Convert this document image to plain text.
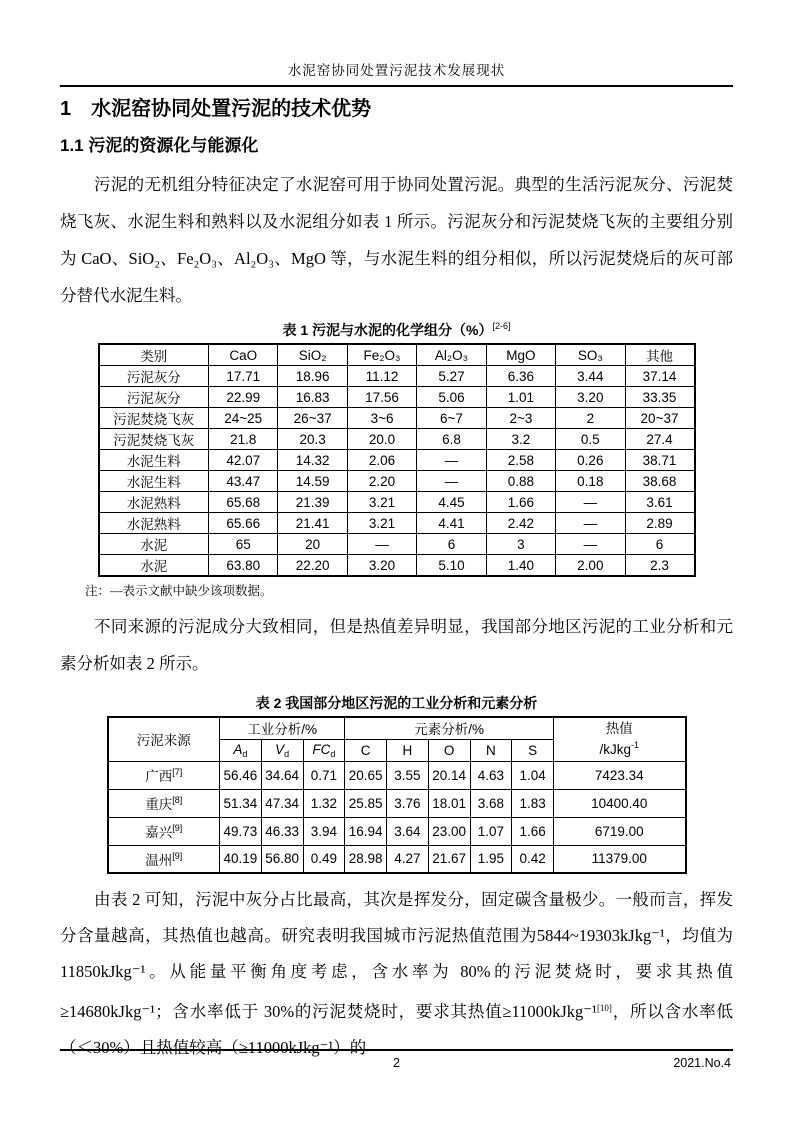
水泥窑协同处置污泥技术发展现状
1　水泥窑协同处置污泥的技术优势
1.1 污泥的资源化与能源化
污泥的无机组分特征决定了水泥窑可用于协同处置污泥。典型的生活污泥灰分、污泥焚烧飞灰、水泥生料和熟料以及水泥组分如表 1 所示。污泥灰分和污泥焚烧飞灰的主要组分别为 CaO、SiO₂、Fe₂O₃、Al₂O₃、MgO 等，与水泥生料的组分相似，所以污泥焚烧后的灰可部分替代水泥生料。
表 1 污泥与水泥的化学组分（%）[2-6]
类别	CaO	SiO₂	Fe₂O₃	Al₂O₃	MgO	SO₃	其他
污泥灰分	17.71	18.96	11.12	5.27	6.36	3.44	37.14
污泥灰分	22.99	16.83	17.56	5.06	1.01	3.20	33.35
污泥焚烧飞灰	24~25	26~37	3~6	6~7	2~3	2	20~37
污泥焚烧飞灰	21.8	20.3	20.0	6.8	3.2	0.5	27.4
水泥生料	42.07	14.32	2.06	—	2.58	0.26	38.71
水泥生料	43.47	14.59	2.20	—	0.88	0.18	38.68
水泥熟料	65.68	21.39	3.21	4.45	1.66	—	3.61
水泥熟料	65.66	21.41	3.21	4.41	2.42	—	2.89
水泥	65	20	—	6	3	—	6
水泥	63.80	22.20	3.20	5.10	1.40	2.00	2.3
注：—表示文献中缺少该项数据。
不同来源的污泥成分大致相同，但是热值差异明显，我国部分地区污泥的工业分析和元素分析如表 2 所示。
表 2 我国部分地区污泥的工业分析和元素分析
污泥来源	工业分析/%			元素分析/%					热值
/kJkg$^{-1}$
	$A_d$	$V_d$	$FC_d$	C	H	O	N	S	
广西[7]	56.46	34.64	0.71	20.65	3.55	20.14	4.63	1.04	7423.34
重庆[8]	51.34	47.34	1.32	25.85	3.76	18.01	3.68	1.83	10400.40
嘉兴[9]	49.73	46.33	3.94	16.94	3.64	23.00	1.07	1.66	6719.00
温州[9]	40.19	56.80	0.49	28.98	4.27	21.67	1.95	0.42	11379.00
由表 2 可知，污泥中灰分占比最高，其次是挥发分，固定碳含量极少。一般而言，挥发分含量越高，其热值也越高。研究表明我国城市污泥热值范围为5844~19303kJkg⁻¹，均值为 11850kJkg⁻¹。从能量平衡角度考虑，含水率为 80%的污泥焚烧时，要求其热值≥14680kJkg⁻¹；含水率低于 30%的污泥焚烧时，要求其热值≥11000kJkg⁻¹[10]，所以含水率低（＜30%）且热值较高（≥11000kJkg⁻¹）的
2	2021.No.4
